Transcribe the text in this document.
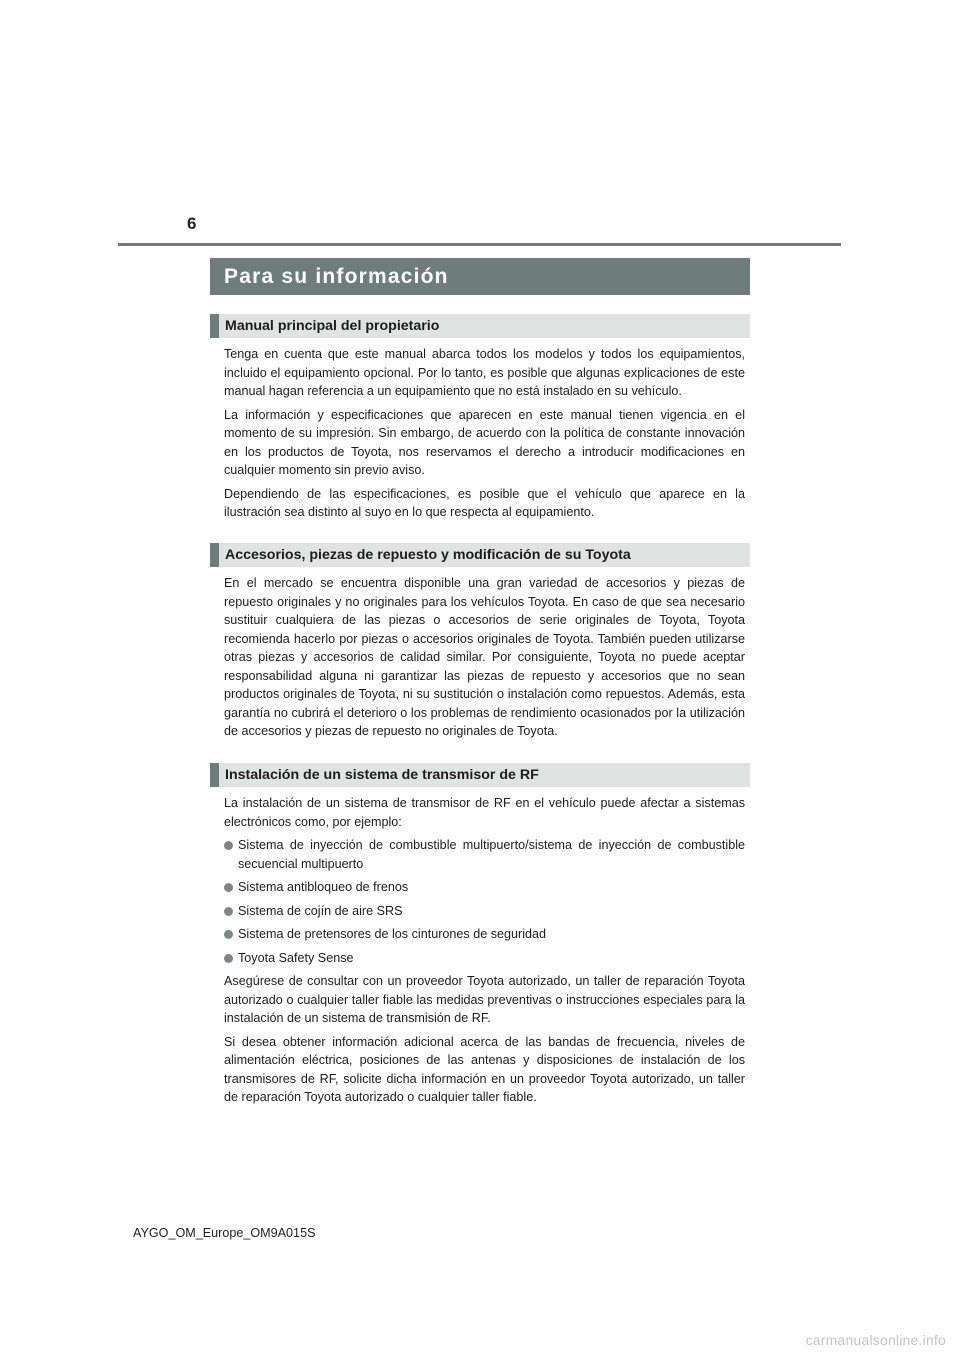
6
Para su información
Manual principal del propietario

Tenga en cuenta que este manual abarca todos los modelos y todos los equipamientos, incluido el equipamiento opcional. Por lo tanto, es posible que algunas explicaciones de este manual hagan referencia a un equipamiento que no está instalado en su vehículo.

La información y especificaciones que aparecen en este manual tienen vigencia en el momento de su impresión. Sin embargo, de acuerdo con la política de constante innovación en los productos de Toyota, nos reservamos el derecho a introducir modificaciones en cualquier momento sin previo aviso.

Dependiendo de las especificaciones, es posible que el vehículo que aparece en la ilustración sea distinto al suyo en lo que respecta al equipamiento.

Accesorios, piezas de repuesto y modificación de su Toyota

En el mercado se encuentra disponible una gran variedad de accesorios y piezas de repuesto originales y no originales para los vehículos Toyota. En caso de que sea necesario sustituir cualquiera de las piezas o accesorios de serie originales de Toyota, Toyota recomienda hacerlo por piezas o accesorios originales de Toyota. También pueden utilizarse otras piezas y accesorios de calidad similar. Por consiguiente, Toyota no puede aceptar responsabilidad alguna ni garantizar las piezas de repuesto y accesorios que no sean productos originales de Toyota, ni su sustitución o instalación como repuestos. Además, esta garantía no cubrirá el deterioro o los problemas de rendimiento ocasionados por la utilización de accesorios y piezas de repuesto no originales de Toyota.

Instalación de un sistema de transmisor de RF

La instalación de un sistema de transmisor de RF en el vehículo puede afectar a sistemas electrónicos como, por ejemplo:

Sistema de inyección de combustible multipuerto/sistema de inyección de combustible secuencial multipuerto
Sistema antibloqueo de frenos
Sistema de cojín de aire SRS
Sistema de pretensores de los cinturones de seguridad
Toyota Safety Sense

Asegúrese de consultar con un proveedor Toyota autorizado, un taller de reparación Toyota autorizado o cualquier taller fiable las medidas preventivas o instrucciones especiales para la instalación de un sistema de transmisión de RF.

Si desea obtener información adicional acerca de las bandas de frecuencia, niveles de alimentación eléctrica, posiciones de las antenas y disposiciones de instalación de los transmisores de RF, solicite dicha información en un proveedor Toyota autorizado, un taller de reparación Toyota autorizado o cualquier taller fiable.

AYGO_OM_Europe_OM9A015S
carmanualsonline.info
